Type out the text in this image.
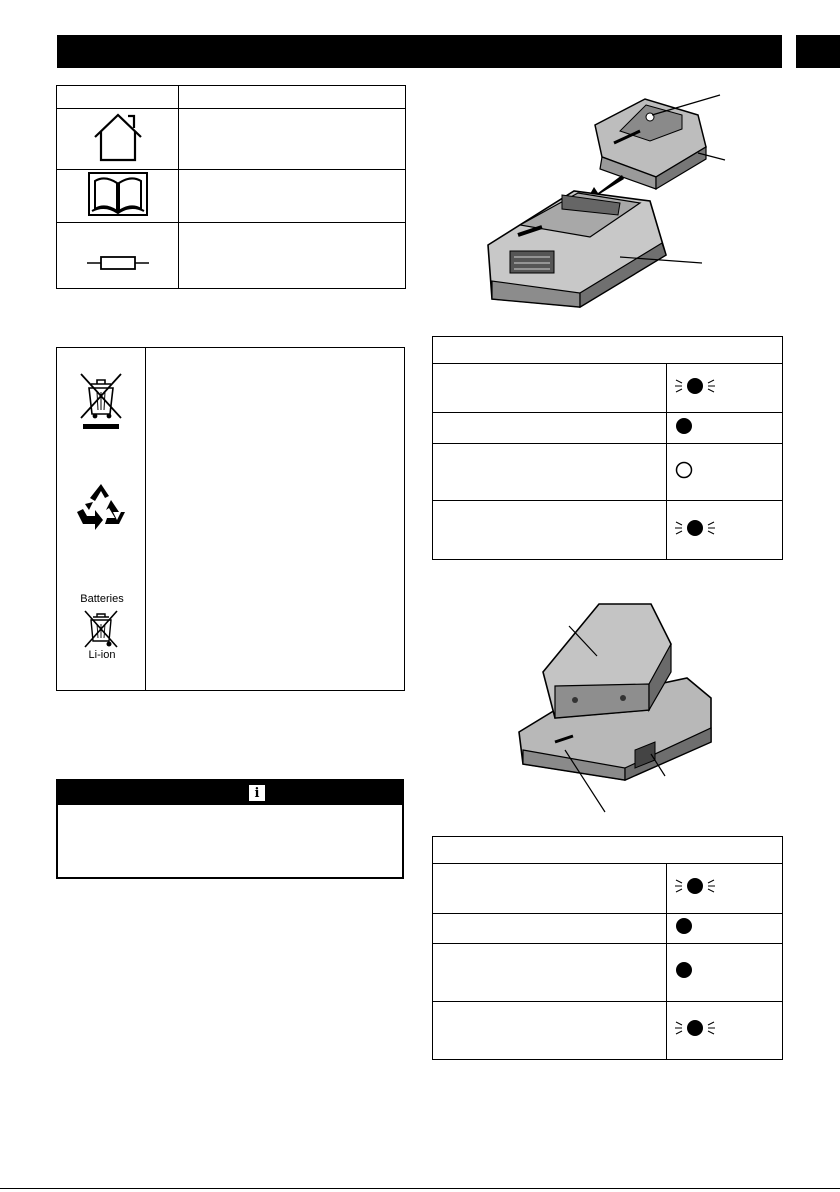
Batteries
Li-ion
i
